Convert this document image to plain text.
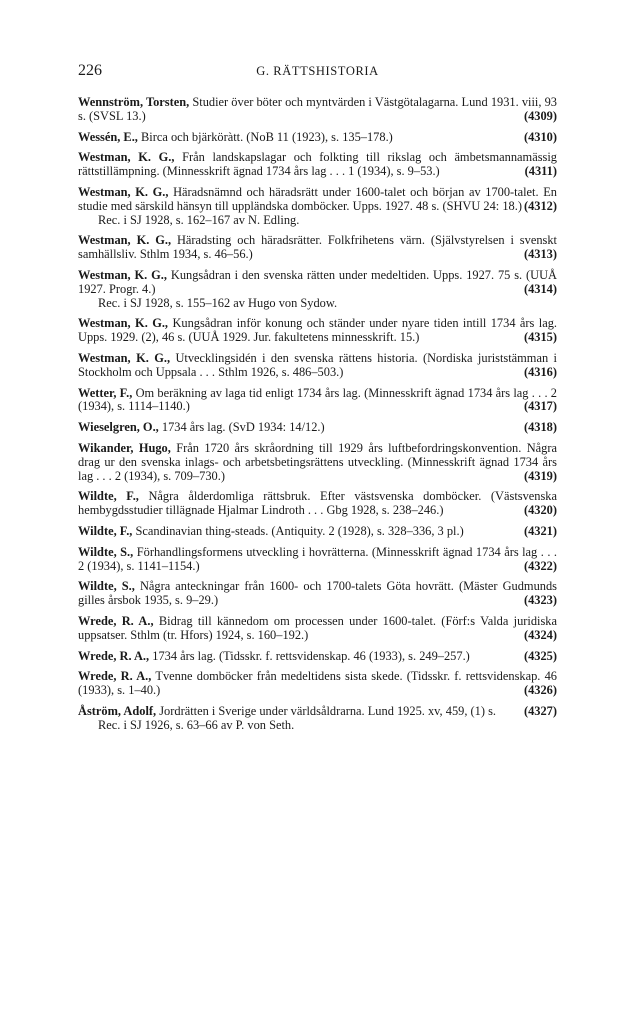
226	G. RÄTTSHISTORIA
Wennström, Torsten, Studier över böter och myntvärden i Västgötalagarna. Lund 1931. viii, 93 s. (SVSL 13.)	(4309)
Wessén, E., Birca och bjärköràtt. (NoB 11 (1923), s. 135–178.)	(4310)
Westman, K. G., Från landskapslagar och folkting till rikslag och ämbetsmannamässig rättstillämpning. (Minnesskrift ägnad 1734 års lag . . . 1 (1934), s. 9–53.)	(4311)
Westman, K. G., Häradsnämnd och häradsrätt under 1600-talet och början av 1700-talet. En studie med särskild hänsyn till uppländska domböcker. Upps. 1927. 48 s. (SHVU 24: 18.) (4312)
Rec. i SJ 1928, s. 162–167 av N. Edling.
Westman, K. G., Häradsting och häradsrätter. Folkfrihetens värn. (Självstyrelsen i svenskt samhällsliv. Sthlm 1934, s. 46–56.)	(4313)
Westman, K. G., Kungsådran i den svenska rätten under medeltiden. Upps. 1927. 75 s. (UUÅ 1927. Progr. 4.)	(4314)
Rec. i SJ 1928, s. 155–162 av Hugo von Sydow.
Westman, K. G., Kungsådran inför konung och ständer under nyare tiden intill 1734 års lag. Upps. 1929. (2), 46 s. (UUÅ 1929. Jur. fakultetens minnesskrift. 15.)	(4315)
Westman, K. G., Utvecklingsidén i den svenska rättens historia. (Nordiska juriststämman i Stockholm och Uppsala . . . Sthlm 1926, s. 486–503.)	(4316)
Wetter, F., Om beräkning av laga tid enligt 1734 års lag. (Minnesskrift ägnad 1734 års lag . . . 2 (1934), s. 1114–1140.)	(4317)
Wieselgren, O., 1734 års lag. (SvD 1934: 14/12.)	(4318)
Wikander, Hugo, Från 1720 års skråordning till 1929 års luftbefordringskonvention. Några drag ur den svenska inlags- och arbetsbetingsrättens utveckling. (Minnesskrift ägnad 1734 års lag . . . 2 (1934), s. 709–730.)	(4319)
Wildte, F., Några ålderdomliga rättsbruk. Efter västsvenska domböcker. (Västsvenska hembygdsstudier tillägnade Hjalmar Lindroth . . . Gbg 1928, s. 238–246.)	(4320)
Wildte, F., Scandinavian thing-steads. (Antiquity. 2 (1928), s. 328–336, 3 pl.)	(4321)
Wildte, S., Förhandlingsformens utveckling i hovrätterna. (Minnesskrift ägnad 1734 års lag . . . 2 (1934), s. 1141–1154.)	(4322)
Wildte, S., Några anteckningar från 1600- och 1700-talets Göta hovrätt. (Mäster Gudmunds gilles årsbok 1935, s. 9–29.)	(4323)
Wrede, R. A., Bidrag till kännedom om processen under 1600-talet. (Förf:s Valda juridiska uppsatser. Sthlm (tr. Hfors) 1924, s. 160–192.)	(4324)
Wrede, R. A., 1734 års lag. (Tidsskr. f. rettsvidenskap. 46 (1933), s. 249–257.)	(4325)
Wrede, R. A., Tvenne domböcker från medeltidens sista skede. (Tidsskr. f. rettsvidenskap. 46 (1933), s. 1–40.)	(4326)
Åström, Adolf, Jordrätten i Sverige under världsåldrarna. Lund 1925. xv, 459, (1) s. (4327)
Rec. i SJ 1926, s. 63–66 av P. von Seth.
